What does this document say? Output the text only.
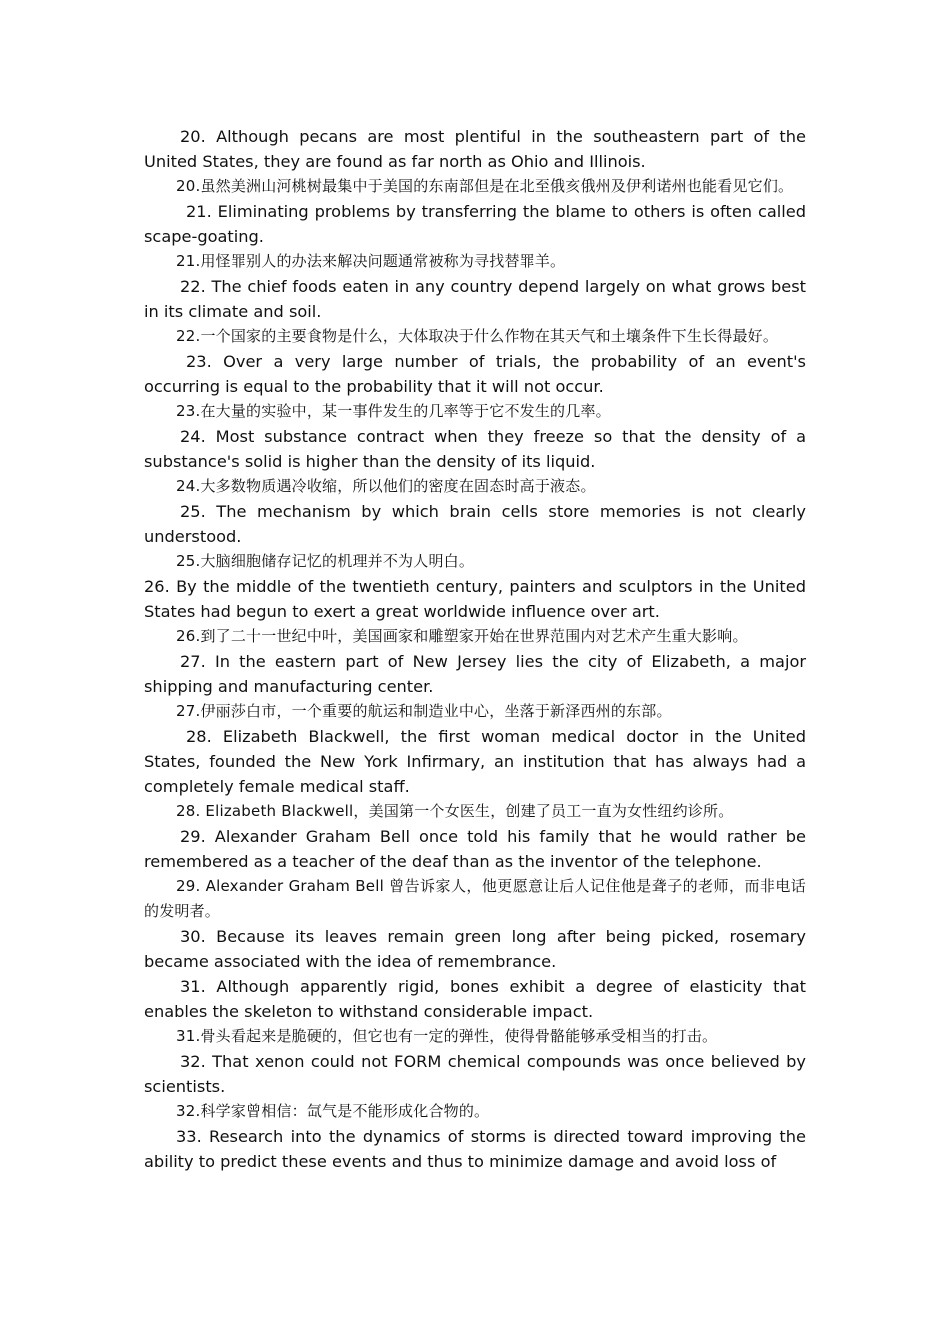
20. Although pecans are most plentiful in the southeastern part of the United States, they are found as far north as Ohio and Illinois.

20.虽然美洲山河桃树最集中于美国的东南部但是在北至俄亥俄州及伊利诺州也能看见它们。

21. Eliminating problems by transferring the blame to others is often called scape-goating.

21.用怪罪别人的办法来解决问题通常被称为寻找替罪羊。

22. The chief foods eaten in any country depend largely on what grows best in its climate and soil.

22.一个国家的主要食物是什么，大体取决于什么作物在其天气和土壤条件下生长得最好。

23. Over a very large number of trials, the probability of an event's occurring is equal to the probability that it will not occur.

23.在大量的实验中，某一事件发生的几率等于它不发生的几率。

24. Most substance contract when they freeze so that the density of a substance's solid is higher than the density of its liquid.

24.大多数物质遇冷收缩，所以他们的密度在固态时高于液态。

25. The mechanism by which brain cells store memories is not clearly understood.

25.大脑细胞储存记忆的机理并不为人明白。

26. By the middle of the twentieth century, painters and sculptors in the United States had begun to exert a great worldwide influence over art.

26.到了二十一世纪中叶，美国画家和雕塑家开始在世界范围内对艺术产生重大影响。

27. In the eastern part of New Jersey lies the city of Elizabeth, a major shipping and manufacturing center.

27.伊丽莎白市，一个重要的航运和制造业中心，坐落于新泽西州的东部。

28. Elizabeth Blackwell, the first woman medical doctor in the United States, founded the New York Infirmary, an institution that has always had a completely female medical staff.

28. Elizabeth Blackwell，美国第一个女医生，创建了员工一直为女性纽约诊所。

29. Alexander Graham Bell once told his family that he would rather be remembered as a teacher of the deaf than as the inventor of the telephone.

29. Alexander Graham Bell 曾告诉家人，他更愿意让后人记住他是聋子的老师，而非电话的发明者。

30. Because its leaves remain green long after being picked, rosemary became associated with the idea of remembrance.

31. Although apparently rigid, bones exhibit a degree of elasticity that enables the skeleton to withstand considerable impact.

31.骨头看起来是脆硬的，但它也有一定的弹性，使得骨骼能够承受相当的打击。

32. That xenon could not FORM chemical compounds was once believed by scientists.

32.科学家曾相信：氙气是不能形成化合物的。

33. Research into the dynamics of storms is directed toward improving the ability to predict these events and thus to minimize damage and avoid loss of
